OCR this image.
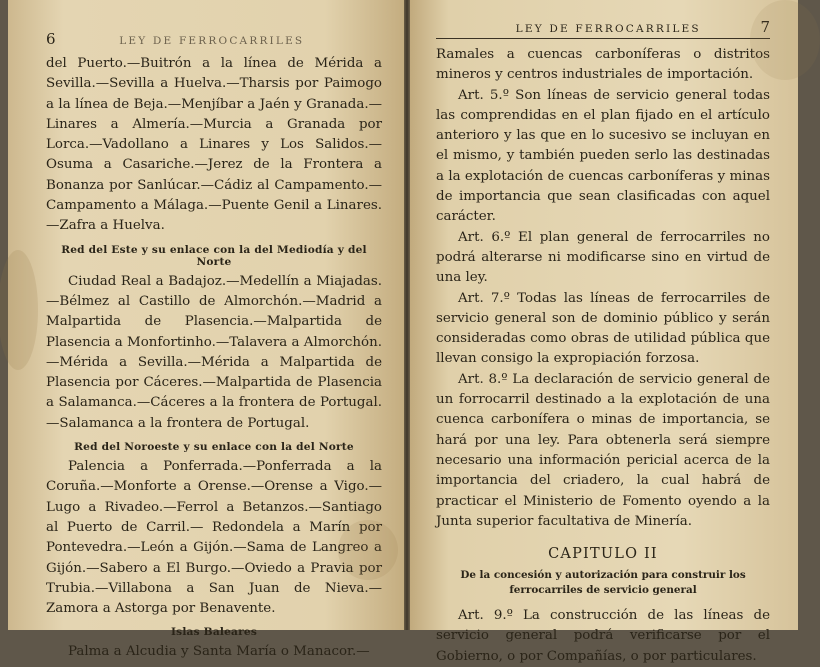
6	LEY DE FERROCARRILES

del Puerto.—Buitrón a la línea de Mérida a Sevilla.—Sevilla a Huelva.—Tharsis por Paimogo a la línea de Beja.—Menjíbar a Jaén y Granada.—Linares a Almería.—Murcia a Granada por Lorca.—Vadollano a Linares y Los Salidos.—Osuma a Casariche.—Jerez de la Frontera a Bonanza por Sanlúcar.—Cádiz al Campamento.—Campamento a Málaga.—Puente Genil a Linares.—Zafra a Huelva.

Red del Este y su enlace con la del Mediodía y del Norte

Ciudad Real a Badajoz.—Medellín a Miajadas.—Bélmez al Castillo de Almorchón.—Madrid a Malpartida de Plasencia.—Malpartida de Plasencia a Monfortinho.—Talavera a Almorchón.—Mérida a Sevilla.—Mérida a Malpartida de Plasencia por Cáceres.—Malpartida de Plasencia a Salamanca.—Cáceres a la frontera de Portugal.—Salamanca a la frontera de Portugal.

Red del Noroeste y su enlace con la del Norte

Palencia a Ponferrada.—Ponferrada a la Coruña.—Monforte a Orense.—Orense a Vigo.— Lugo a Rivadeo.—Ferrol a Betanzos.—Santiago al Puerto de Carril.— Redondela a Marín por Pontevedra.—León a Gijón.—Sama de Langreo a Gijón.—Sabero a El Burgo.—Oviedo a Pravia por Trubia.—Villabona a San Juan de Nieva.—Zamora a Astorga por Benavente.

Islas Baleares

Palma a Alcudia y Santa María o Manacor.—

LEY DE FERROCARRILES	7

Ramales a cuencas carboníferas o distritos mineros y centros industriales de importación.

Art. 5.º Son líneas de servicio general todas las comprendidas en el plan fijado en el artículo anterioro y las que en lo sucesivo se incluyan en el mismo, y también pueden serlo las destinadas a la explotación de cuencas carboníferas y minas de importancia que sean clasificadas con aquel carácter.

Art. 6.º El plan general de ferrocarriles no podrá alterarse ni modificarse sino en virtud de una ley.

Art. 7.º Todas las líneas de ferrocarriles de servicio general son de dominio público y serán consideradas como obras de utilidad pública que llevan consigo la expropiación forzosa.

Art. 8.º La declaración de servicio general de un forrocarril destinado a la explotación de una cuenca carbonífera o minas de importancia, se hará por una ley. Para obtenerla será siempre necesario una información pericial acerca de la importancia del criadero, la cual habrá de practicar el Ministerio de Fomento oyendo a la Junta superior facultativa de Minería.

CAPITULO II
De la concesión y autorización para construir los ferrocarriles de servicio general

Art. 9.º La construcción de las líneas de servicio general podrá verificarse por el Gobierno, o por Compañías, o por particulares.
